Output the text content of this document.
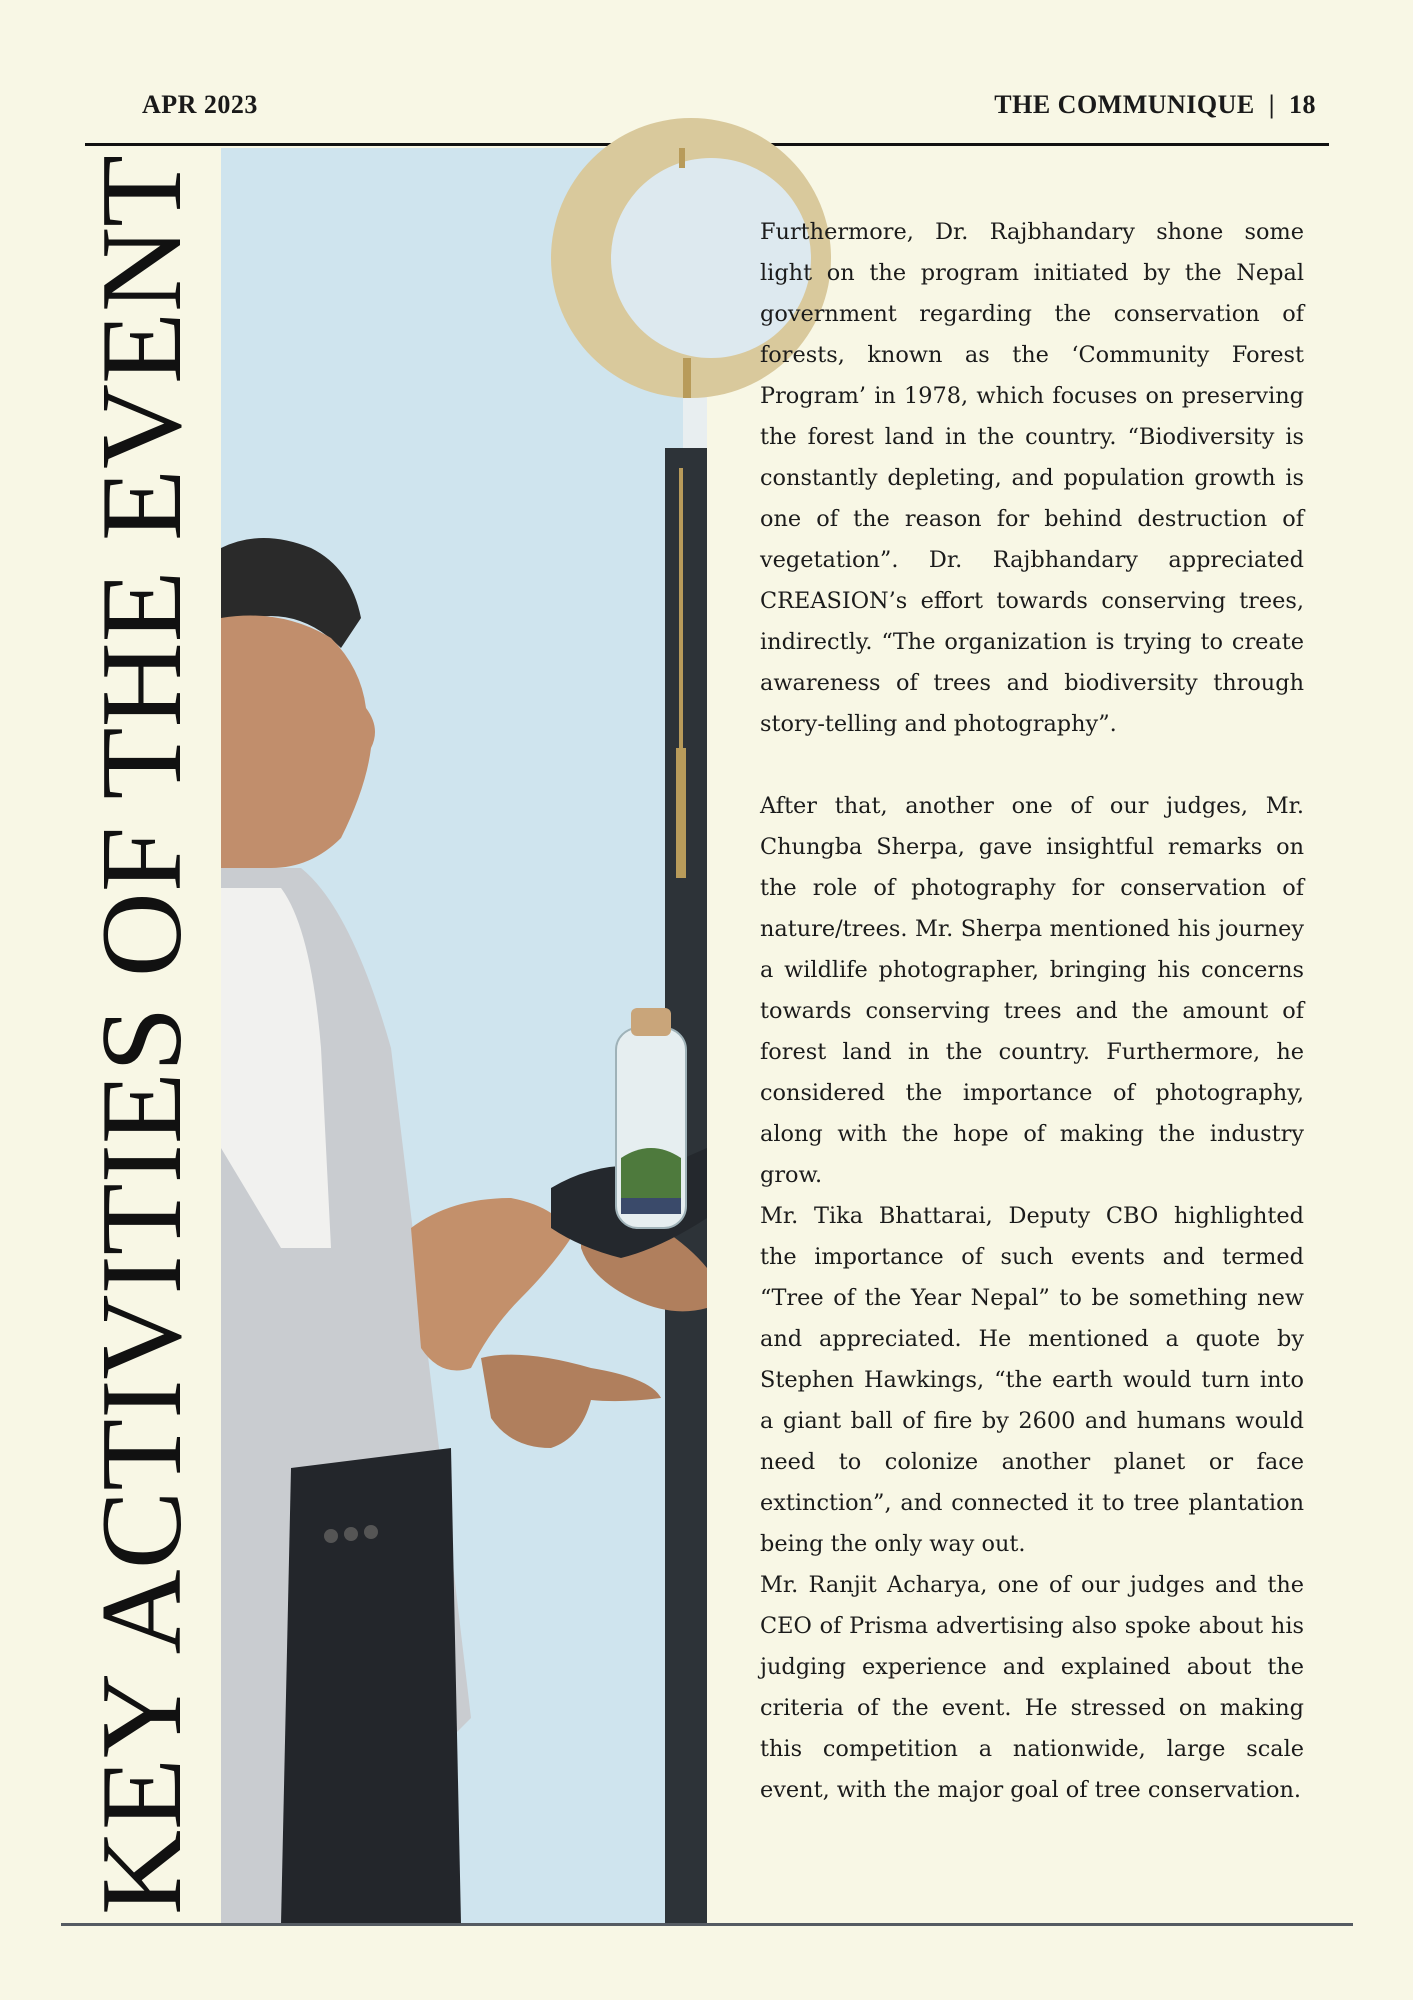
APR 2023	THE COMMUNIQUE | 18
KEY ACTIVITIES OF THE EVENT	Furthermore, Dr. Rajbhandary shone some light on the program initiated by the Nepal government regarding the conservation of forests, known as the ‘Community Forest Program’ in 1978, which focuses on preserving the forest land in the country. “Biodiversity is constantly depleting, and population growth is one of the reason for behind destruction of vegetation”. Dr. Rajbhandary appreciated CREASION’s effort towards conserving trees, indirectly. “The organization is trying to create awareness of trees and biodiversity through story-telling and photography”.

After that, another one of our judges, Mr. Chungba Sherpa, gave insightful remarks on the role of photography for conservation of nature/trees. Mr. Sherpa mentioned his journey a wildlife photographer, bringing his concerns towards conserving trees and the amount of forest land in the country. Furthermore, he considered the importance of photography, along with the hope of making the industry grow.

Mr. Tika Bhattarai, Deputy CBO highlighted the importance of such events and termed “Tree of the Year Nepal” to be something new and appreciated. He mentioned a quote by Stephen Hawkings, “the earth would turn into a giant ball of fire by 2600 and humans would need to colonize another planet or face extinction”, and connected it to tree plantation being the only way out.

Mr. Ranjit Acharya, one of our judges and the CEO of Prisma advertising also spoke about his judging experience and explained about the criteria of the event. He stressed on making this competition a nationwide, large scale event, with the major goal of tree conservation.
